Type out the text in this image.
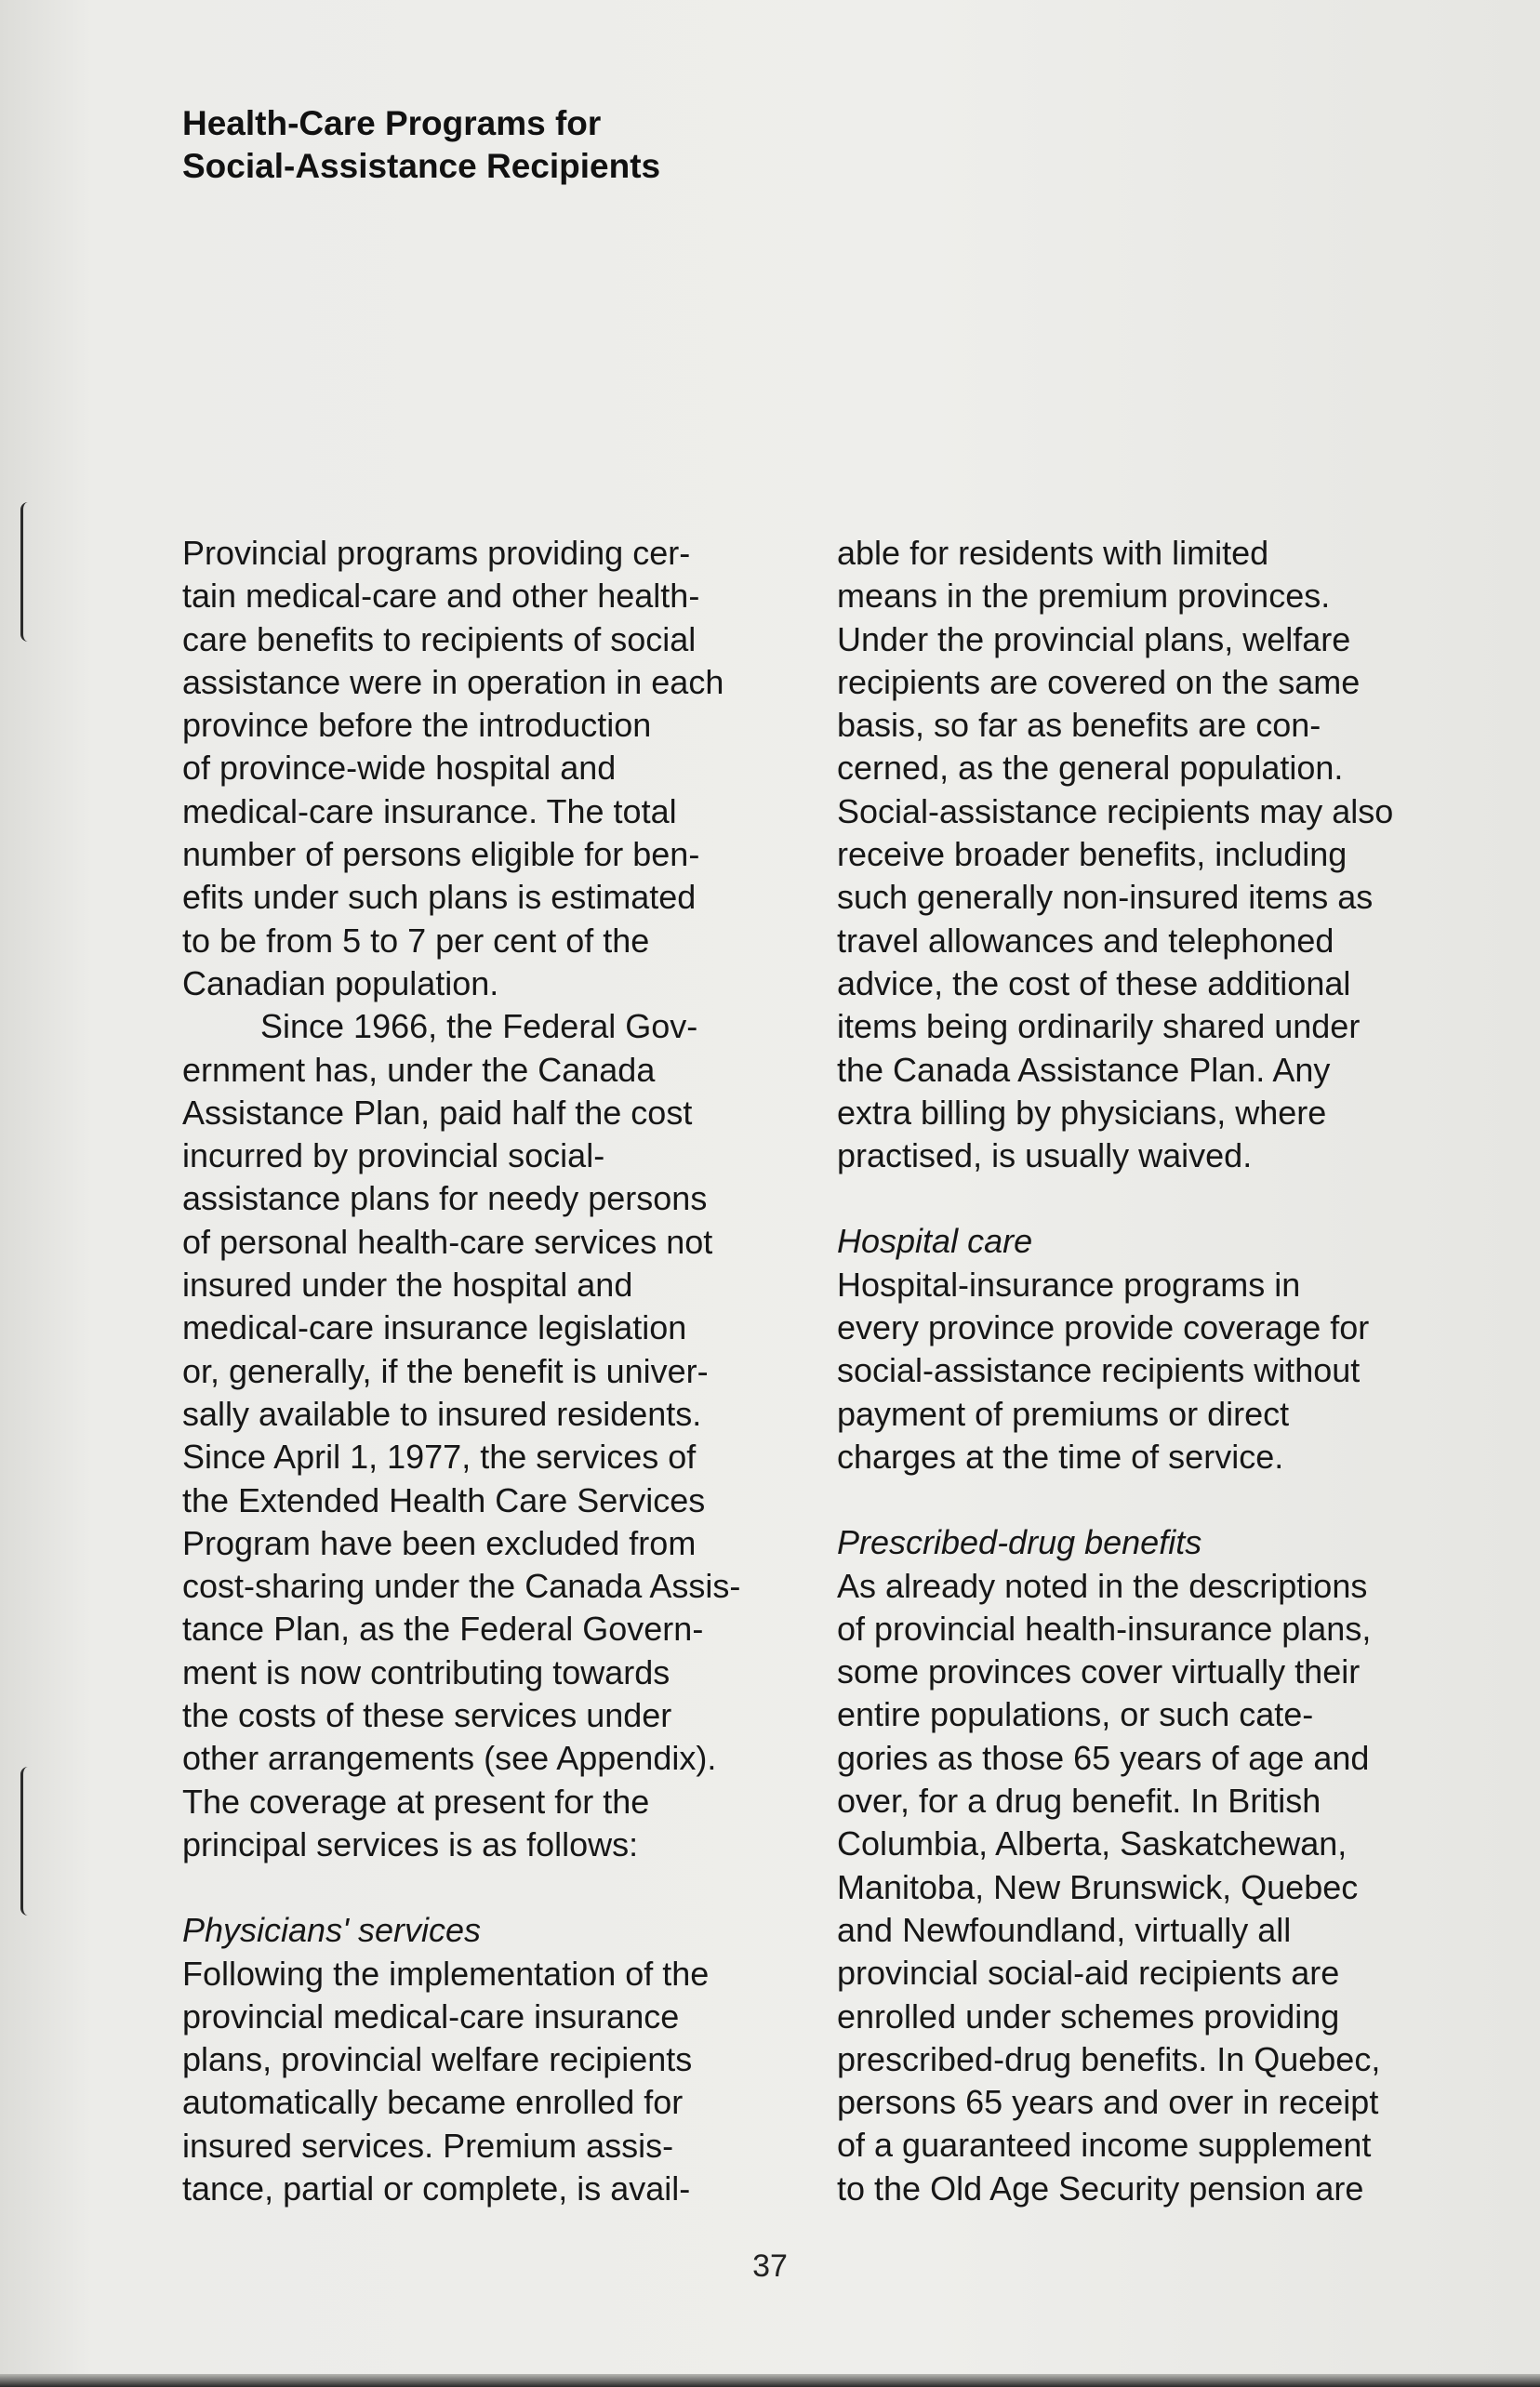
Health-Care Programs for
Social-Assistance Recipients
Provincial programs providing cer-
tain medical-care and other health-
care benefits to recipients of social
assistance were in operation in each
province before the introduction
of province-wide hospital and
medical-care insurance. The total
number of persons eligible for ben-
efits under such plans is estimated
to be from 5 to 7 per cent of the
Canadian population.
Since 1966, the Federal Gov-
ernment has, under the Canada
Assistance Plan, paid half the cost
incurred by provincial social-
assistance plans for needy persons
of personal health-care services not
insured under the hospital and
medical-care insurance legislation
or, generally, if the benefit is univer-
sally available to insured residents.
Since April 1, 1977, the services of
the Extended Health Care Services
Program have been excluded from
cost-sharing under the Canada Assis-
tance Plan, as the Federal Govern-
ment is now contributing towards
the costs of these services under
other arrangements (see Appendix).
The coverage at present for the
principal services is as follows:
Physicians' services
Following the implementation of the
provincial medical-care insurance
plans, provincial welfare recipients
automatically became enrolled for
insured services. Premium assis-
tance, partial or complete, is avail-
able for residents with limited
means in the premium provinces.
Under the provincial plans, welfare
recipients are covered on the same
basis, so far as benefits are con-
cerned, as the general population.
Social-assistance recipients may also
receive broader benefits, including
such generally non-insured items as
travel allowances and telephoned
advice, the cost of these additional
items being ordinarily shared under
the Canada Assistance Plan. Any
extra billing by physicians, where
practised, is usually waived.
Hospital care
Hospital-insurance programs in
every province provide coverage for
social-assistance recipients without
payment of premiums or direct
charges at the time of service.
Prescribed-drug benefits
As already noted in the descriptions
of provincial health-insurance plans,
some provinces cover virtually their
entire populations, or such cate-
gories as those 65 years of age and
over, for a drug benefit. In British
Columbia, Alberta, Saskatchewan,
Manitoba, New Brunswick, Quebec
and Newfoundland, virtually all
provincial social-aid recipients are
enrolled under schemes providing
prescribed-drug benefits. In Quebec,
persons 65 years and over in receipt
of a guaranteed income supplement
to the Old Age Security pension are
37
